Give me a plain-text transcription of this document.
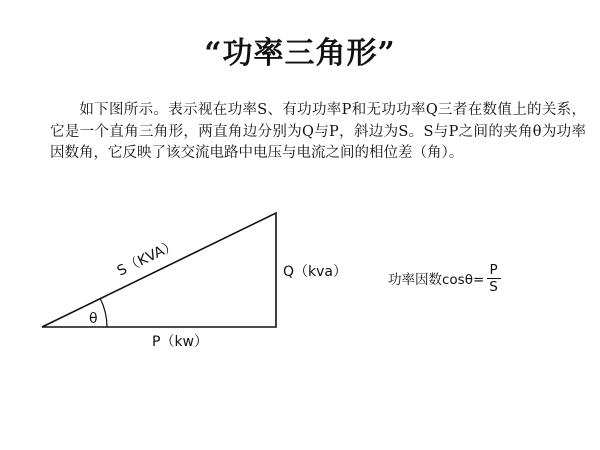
“功率三角形”
如下图所示。表示视在功率S、有功功率P和无功功率Q三者在数值上的关系，它是一个直角三角形，两直角边分别为Q与P，斜边为S。S与P之间的夹角θ为功率因数角，它反映了该交流电路中电压与电流之间的相位差（角）。
θ
S（KVA）	Q（kva）
P（kw）
功率因数$\cos\theta= \frac{P}{S}$
